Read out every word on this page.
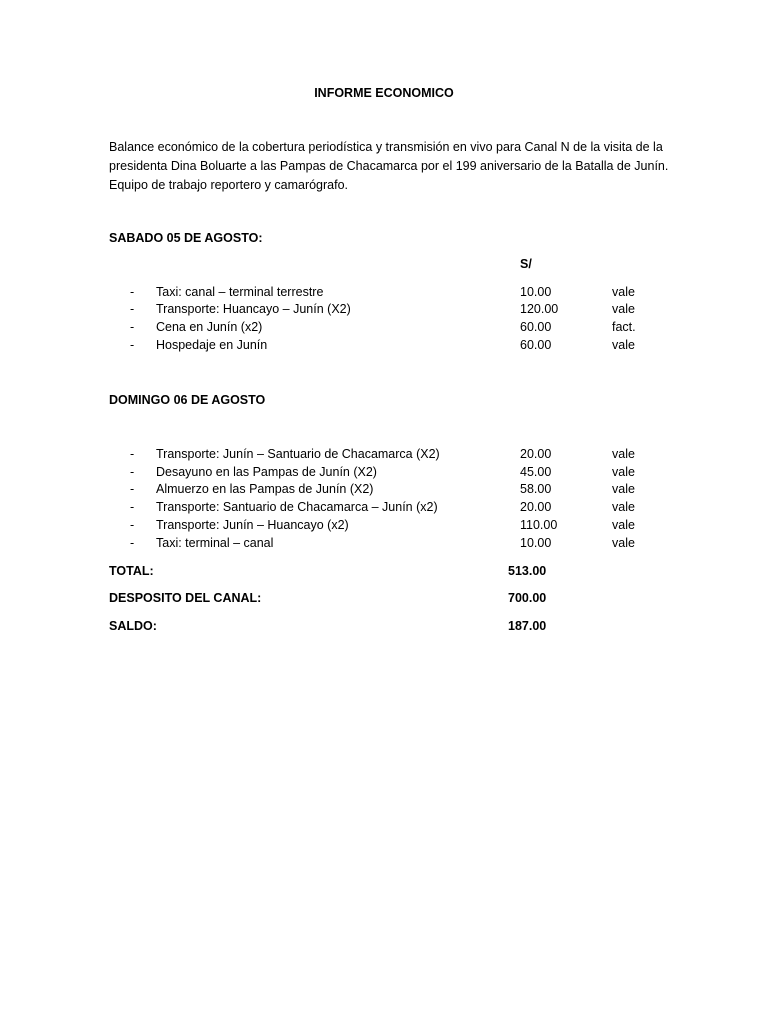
INFORME ECONOMICO
Balance económico de la cobertura periodística y transmisión en vivo para Canal N de la visita de la presidenta Dina Boluarte a las Pampas de Chacamarca por el 199 aniversario de la Batalla de Junín. Equipo de trabajo reportero y camarógrafo.
SABADO 05 DE AGOSTO:
S/
- Taxi: canal – terminal terrestre	10.00	vale
- Transporte: Huancayo – Junín (X2)	120.00	vale
- Cena en Junín (x2)	60.00	fact.
- Hospedaje en Junín	60.00	vale
DOMINGO 06 DE AGOSTO
- Transporte: Junín – Santuario de Chacamarca (X2)	20.00	vale
- Desayuno en las Pampas de Junín (X2)	45.00	vale
- Almuerzo en las Pampas de Junín (X2)	58.00	vale
- Transporte: Santuario de Chacamarca – Junín (x2)	20.00	vale
- Transporte: Junín – Huancayo (x2)	110.00	vale
- Taxi: terminal – canal	10.00	vale
TOTAL:	513.00
DESPOSITO DEL CANAL:	700.00
SALDO:	187.00
